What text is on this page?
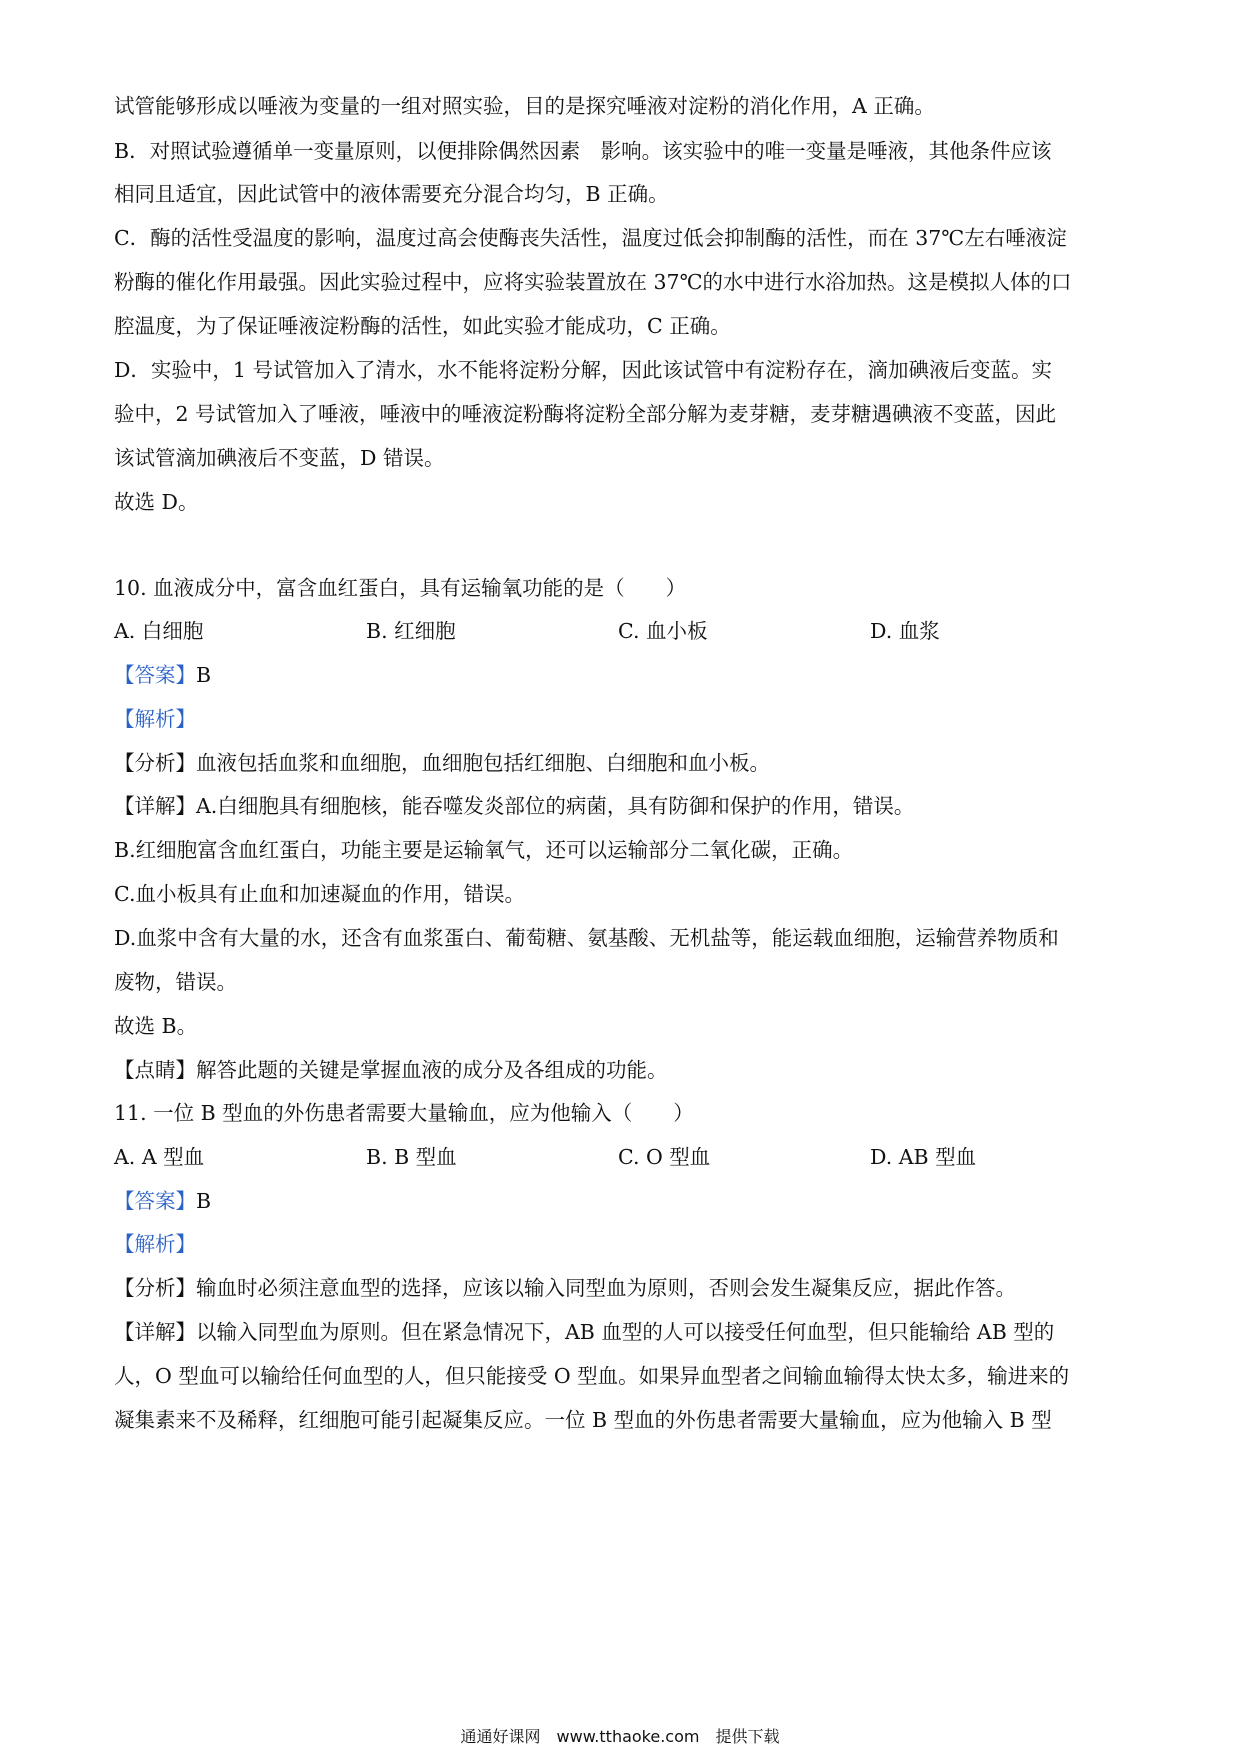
试管能够形成以唾液为变量的一组对照实验，目的是探究唾液对淀粉的消化作用，A 正确。
B．对照试验遵循单一变量原则，以便排除偶然因素　影响。该实验中的唯一变量是唾液，其他条件应该
相同且适宜，因此试管中的液体需要充分混合均匀，B 正确。
C．酶的活性受温度的影响，温度过高会使酶丧失活性，温度过低会抑制酶的活性，而在 37℃左右唾液淀
粉酶的催化作用最强。因此实验过程中，应将实验装置放在 37℃的水中进行水浴加热。这是模拟人体的口
腔温度，为了保证唾液淀粉酶的活性，如此实验才能成功，C 正确。
D．实验中，1 号试管加入了清水，水不能将淀粉分解，因此该试管中有淀粉存在，滴加碘液后变蓝。实
验中，2 号试管加入了唾液，唾液中的唾液淀粉酶将淀粉全部分解为麦芽糖，麦芽糖遇碘液不变蓝，因此
该试管滴加碘液后不变蓝，D 错误。
故选 D。
10. 血液成分中，富含血红蛋白，具有运输氧功能的是（　　）
A. 白细胞	B. 红细胞	C. 血小板	D. 血浆
【答案】B
【解析】
【分析】血液包括血浆和血细胞，血细胞包括红细胞、白细胞和血小板。
【详解】A.白细胞具有细胞核，能吞噬发炎部位的病菌，具有防御和保护的作用，错误。
B.红细胞富含血红蛋白，功能主要是运输氧气，还可以运输部分二氧化碳，正确。
C.血小板具有止血和加速凝血的作用，错误。
D.血浆中含有大量的水，还含有血浆蛋白、葡萄糖、氨基酸、无机盐等，能运载血细胞，运输营养物质和
废物，错误。
故选 B。
【点睛】解答此题的关键是掌握血液的成分及各组成的功能。
11. 一位 B 型血的外伤患者需要大量输血，应为他输入（　　）
A. A 型血	B. B 型血	C. O 型血	D. AB 型血
【答案】B
【解析】
【分析】输血时必须注意血型的选择，应该以输入同型血为原则，否则会发生凝集反应，据此作答。
【详解】以输入同型血为原则。但在紧急情况下，AB 血型的人可以接受任何血型，但只能输给 AB 型的
人，O 型血可以输给任何血型的人，但只能接受 O 型血。如果异血型者之间输血输得太快太多，输进来的
凝集素来不及稀释，红细胞可能引起凝集反应。一位 B 型血的外伤患者需要大量输血，应为他输入 B 型
通通好课网　www.tthaoke.com　提供下载
